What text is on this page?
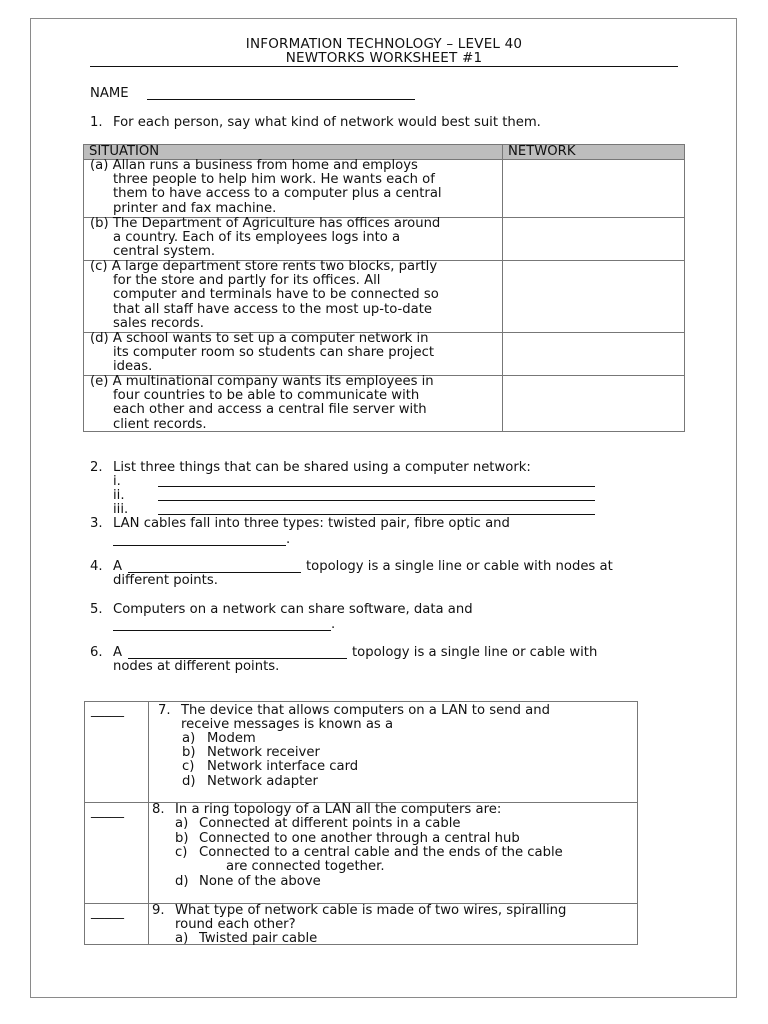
INFORMATION TECHNOLOGY – LEVEL 40
NEWTORKS WORKSHEET #1
NAME
1. For each person, say what kind of network would best suit them.
SITUATION	NETWORK
(a) Allan runs a business from home and employs
three people to help him work. He wants each of
them to have access to a computer plus a central
printer and fax machine.
(b) The Department of Agriculture has offices around
a country. Each of its employees logs into a
central system.
(c) A large department store rents two blocks, partly
for the store and partly for its offices. All
computer and terminals have to be connected so
that all staff have access to the most up-to-date
sales records.
(d) A school wants to set up a computer network in
its computer room so students can share project
ideas.
(e) A multinational company wants its employees in
four countries to be able to communicate with
each other and access a central file server with
client records.
2. List three things that can be shared using a computer network:
i.
ii.
iii.
3. LAN cables fall into three types: twisted pair, fibre optic and
.
4. A	topology is a single line or cable with nodes at
different points.
5. Computers on a network can share software, data and
.
6. A	topology is a single line or cable with
nodes at different points.
_____	7. The device that allows computers on a LAN to send and
receive messages is known as a
a) Modem
b) Network receiver
c) Network interface card
d) Network adapter
_____ 8. In a ring topology of a LAN all the computers are:
a) Connected at different points in a cable
b) Connected to one another through a central hub
c) Connected to a central cable and the ends of the cable
are connected together.
d) None of the above
_____ 9. What type of network cable is made of two wires, spiralling
round each other?
a) Twisted pair cable
